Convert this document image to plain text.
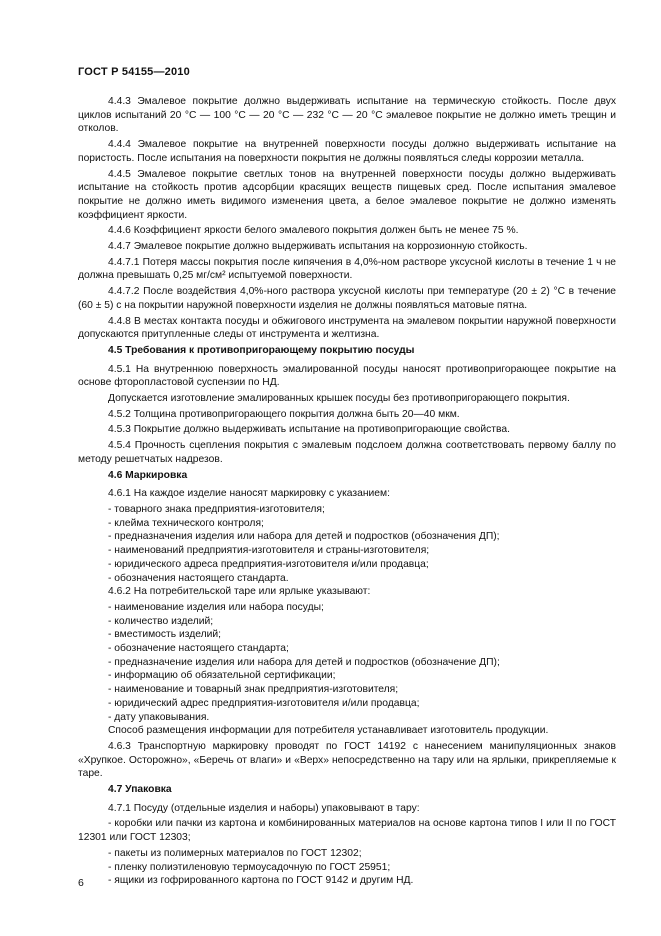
ГОСТ Р 54155—2010
4.4.3 Эмалевое покрытие должно выдерживать испытание на термическую стойкость. После двух циклов испытаний 20 °С — 100 °С — 20 °С — 232 °С — 20 °С эмалевое покрытие не должно иметь трещин и отколов.
4.4.4 Эмалевое покрытие на внутренней поверхности посуды должно выдерживать испытание на пористость. После испытания на поверхности покрытия не должны появляться следы коррозии металла.
4.4.5 Эмалевое покрытие светлых тонов на внутренней поверхности посуды должно выдерживать испытание на стойкость против адсорбции красящих веществ пищевых сред. После испытания эмалевое покрытие не должно иметь видимого изменения цвета, а белое эмалевое покрытие не должно изменять коэффициент яркости.
4.4.6 Коэффициент яркости белого эмалевого покрытия должен быть не менее 75 %.
4.4.7 Эмалевое покрытие должно выдерживать испытания на коррозионную стойкость.
4.4.7.1 Потеря массы покрытия после кипячения в 4,0%-ном растворе уксусной кислоты в течение 1 ч не должна превышать 0,25 мг/см² испытуемой поверхности.
4.4.7.2 После воздействия 4,0%-ного раствора уксусной кислоты при температуре (20 ± 2) °С в течение (60 ± 5) с на покрытии наружной поверхности изделия не должны появляться матовые пятна.
4.4.8 В местах контакта посуды и обжигового инструмента на эмалевом покрытии наружной поверхности допускаются притупленные следы от инструмента и желтизна.
4.5 Требования к противопригорающему покрытию посуды
4.5.1 На внутреннюю поверхность эмалированной посуды наносят противопригорающее покрытие на основе фторопластовой суспензии по НД.
Допускается изготовление эмалированных крышек посуды без противопригорающего покрытия.
4.5.2 Толщина противопригорающего покрытия должна быть 20—40 мкм.
4.5.3 Покрытие должно выдерживать испытание на противопригорающие свойства.
4.5.4 Прочность сцепления покрытия с эмалевым подслоем должна соответствовать первому баллу по методу решетчатых надрезов.
4.6 Маркировка
4.6.1 На каждое изделие наносят маркировку с указанием:
- товарного знака предприятия-изготовителя;
- клейма технического контроля;
- предназначения изделия или набора для детей и подростков (обозначения ДП);
- наименований предприятия-изготовителя и страны-изготовителя;
- юридического адреса предприятия-изготовителя и/или продавца;
- обозначения настоящего стандарта.
4.6.2 На потребительской таре или ярлыке указывают:
- наименование изделия или набора посуды;
- количество изделий;
- вместимость изделий;
- обозначение настоящего стандарта;
- предназначение изделия или набора для детей и подростков (обозначение ДП);
- информацию об обязательной сертификации;
- наименование и товарный знак предприятия-изготовителя;
- юридический адрес предприятия-изготовителя и/или продавца;
- дату упаковывания.
Способ размещения информации для потребителя устанавливает изготовитель продукции.
4.6.3 Транспортную маркировку проводят по ГОСТ 14192 с нанесением манипуляционных знаков «Хрупкое. Осторожно», «Беречь от влаги» и «Верх» непосредственно на тару или на ярлыки, прикрепляемые к таре.
4.7 Упаковка
4.7.1 Посуду (отдельные изделия и наборы) упаковывают в тару:
- коробки или пачки из картона и комбинированных материалов на основе картона типов I или II по ГОСТ 12301 или ГОСТ 12303;
- пакеты из полимерных материалов по ГОСТ 12302;
- пленку полиэтиленовую термоусадочную по ГОСТ 25951;
- ящики из гофрированного картона по ГОСТ 9142 и другим НД.
6
